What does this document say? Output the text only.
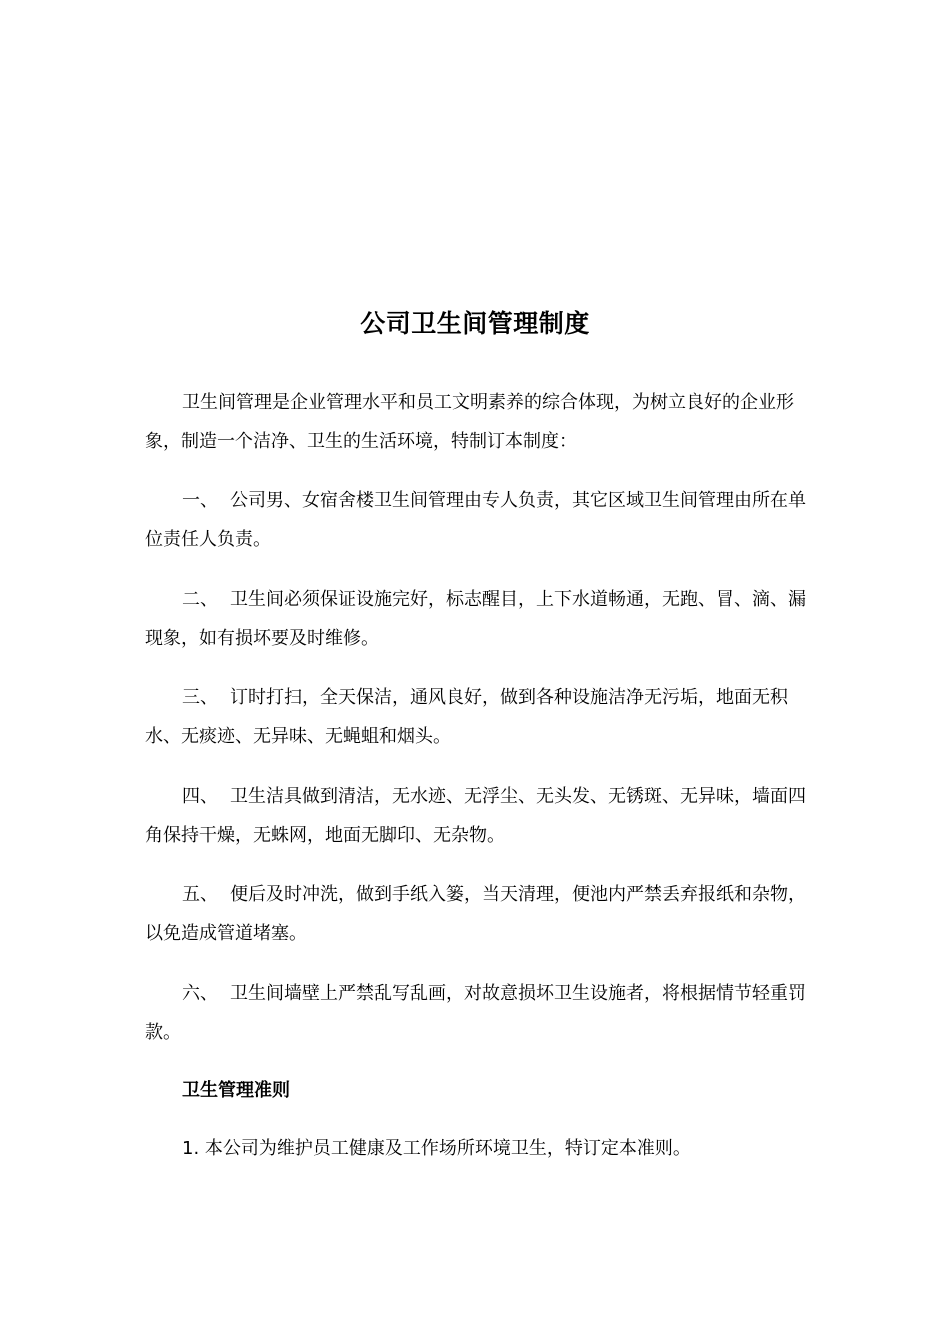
公司卫生间管理制度

卫生间管理是企业管理水平和员工文明素养的综合体现，为树立良好的企业形象，制造一个洁净、卫生的生活环境，特制订本制度：

一、 公司男、女宿舍楼卫生间管理由专人负责，其它区域卫生间管理由所在单位责任人负责。

二、 卫生间必须保证设施完好，标志醒目，上下水道畅通，无跑、冒、滴、漏现象，如有损坏要及时维修。

三、 订时打扫，全天保洁，通风良好，做到各种设施洁净无污垢，地面无积水、无痰迹、无异味、无蝇蛆和烟头。

四、 卫生洁具做到清洁，无水迹、无浮尘、无头发、无锈斑、无异味，墙面四角保持干燥，无蛛网，地面无脚印、无杂物。

五、 便后及时冲洗，做到手纸入篓，当天清理，便池内严禁丢弃报纸和杂物，以免造成管道堵塞。

六、 卫生间墙壁上严禁乱写乱画，对故意损坏卫生设施者，将根据情节轻重罚款。

卫生管理准则
1. 本公司为维护员工健康及工作场所环境卫生，特订定本准则。
